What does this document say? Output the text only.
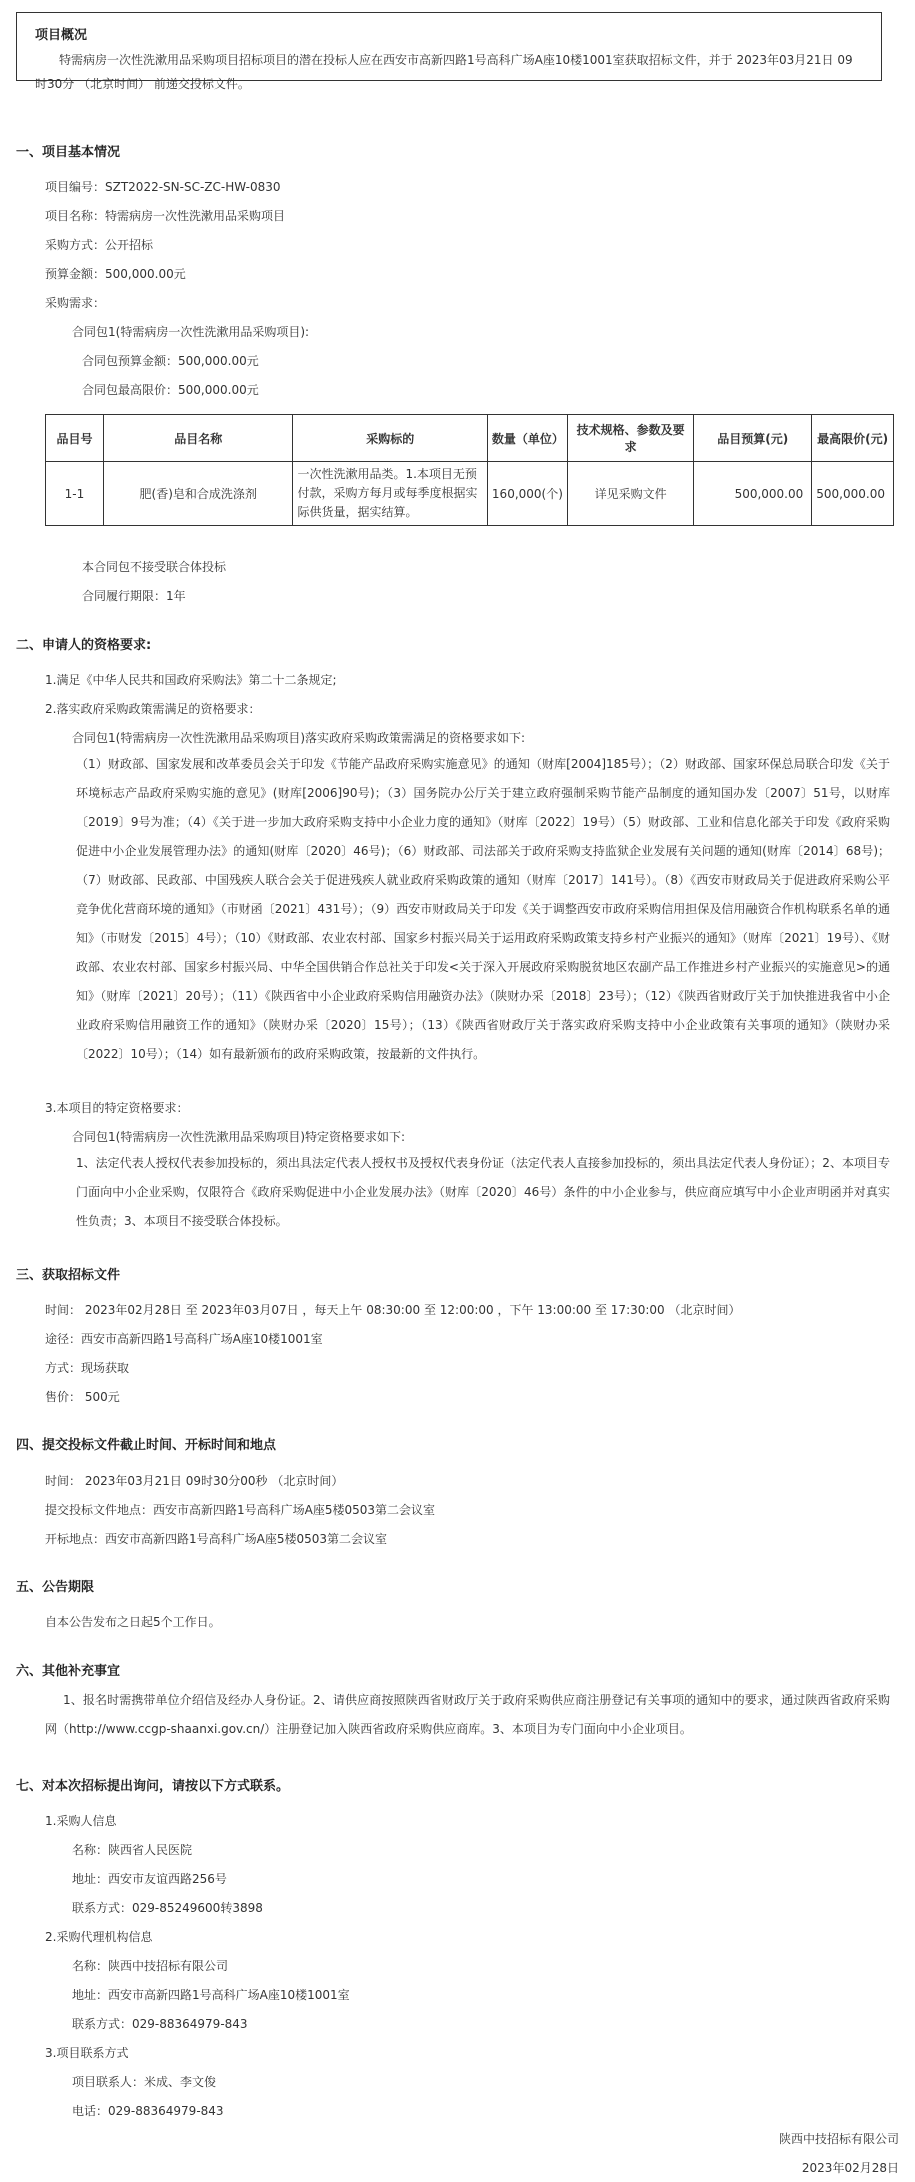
项目概况
特需病房一次性洗漱用品采购项目招标项目的潜在投标人应在西安市高新四路1号高科广场A座10楼1001室获取招标文件，并于 2023年03月21日 09时30分 （北京时间） 前递交投标文件。
一、项目基本情况
项目编号：SZT2022-SN-SC-ZC-HW-0830
项目名称：特需病房一次性洗漱用品采购项目
采购方式：公开招标
预算金额：500,000.00元
采购需求：
合同包1(特需病房一次性洗漱用品采购项目):
合同包预算金额：500,000.00元
合同包最高限价：500,000.00元
品目号	品目名称	采购标的	数量（单位）	技术规格、参数及要求	品目预算(元)	最高限价(元)
1-1	肥(香)皂和合成洗涤剂	一次性洗漱用品类。1.本项目无预付款，采购方每月或每季度根据实际供货量，据实结算。	160,000(个)	详见采购文件	500,000.00	500,000.00
本合同包不接受联合体投标
合同履行期限：1年
二、申请人的资格要求:
1.满足《中华人民共和国政府采购法》第二十二条规定;
2.落实政府采购政策需满足的资格要求：
合同包1(特需病房一次性洗漱用品采购项目)落实政府采购政策需满足的资格要求如下:
（1）财政部、国家发展和改革委员会关于印发《节能产品政府采购实施意见》的通知（财库[2004]185号）；（2）财政部、国家环保总局联合印发《关于环境标志产品政府采购实施的意见》(财库[2006]90号)；（3）国务院办公厅关于建立政府强制采购节能产品制度的通知国办发〔2007〕51号，以财库〔2019〕9号为准；（4）《关于进一步加大政府采购支持中小企业力度的通知》（财库〔2022〕19号）（5）财政部、工业和信息化部关于印发《政府采购促进中小企业发展管理办法》的通知(财库〔2020〕46号)；（6）财政部、司法部关于政府采购支持监狱企业发展有关问题的通知(财库〔2014〕68号)；（7）财政部、民政部、中国残疾人联合会关于促进残疾人就业政府采购政策的通知（财库〔2017〕141号）。（8）《西安市财政局关于促进政府采购公平竞争优化营商环境的通知》（市财函〔2021〕431号）；（9）西安市财政局关于印发《关于调整西安市政府采购信用担保及信用融资合作机构联系名单的通知》（市财发〔2015〕4号）；（10）《财政部、农业农村部、国家乡村振兴局关于运用政府采购政策支持乡村产业振兴的通知》（财库〔2021〕19号）、《财政部、农业农村部、国家乡村振兴局、中华全国供销合作总社关于印发<关于深入开展政府采购脱贫地区农副产品工作推进乡村产业振兴的实施意见>的通知》（财库〔2021〕20号）；（11）《陕西省中小企业政府采购信用融资办法》（陕财办采〔2018〕23号）；（12）《陕西省财政厅关于加快推进我省中小企业政府采购信用融资工作的通知》（陕财办采〔2020〕15号）；（13）《陕西省财政厅关于落实政府采购支持中小企业政策有关事项的通知》（陕财办采〔2022〕10号）；（14）如有最新颁布的政府采购政策，按最新的文件执行。
3.本项目的特定资格要求：
合同包1(特需病房一次性洗漱用品采购项目)特定资格要求如下:
1、法定代表人授权代表参加投标的，须出具法定代表人授权书及授权代表身份证（法定代表人直接参加投标的，须出具法定代表人身份证）；2、本项目专门面向中小企业采购，仅限符合《政府采购促进中小企业发展办法》（财库〔2020〕46号）条件的中小企业参与，供应商应填写中小企业声明函并对真实性负责；3、本项目不接受联合体投标。
三、获取招标文件
时间： 2023年02月28日 至 2023年03月07日 ，每天上午 08:30:00 至 12:00:00 ，下午 13:00:00 至 17:30:00 （北京时间）
途径：西安市高新四路1号高科广场A座10楼1001室
方式：现场获取
售价： 500元
四、提交投标文件截止时间、开标时间和地点
时间： 2023年03月21日 09时30分00秒 （北京时间）
提交投标文件地点：西安市高新四路1号高科广场A座5楼0503第二会议室
开标地点：西安市高新四路1号高科广场A座5楼0503第二会议室
五、公告期限
自本公告发布之日起5个工作日。
六、其他补充事宜
1、报名时需携带单位介绍信及经办人身份证。2、请供应商按照陕西省财政厅关于政府采购供应商注册登记有关事项的通知中的要求，通过陕西省政府采购网（http://www.ccgp-shaanxi.gov.cn/）注册登记加入陕西省政府采购供应商库。3、本项目为专门面向中小企业项目。
七、对本次招标提出询问，请按以下方式联系。
1.采购人信息
名称：陕西省人民医院
地址：西安市友谊西路256号
联系方式：029-85249600转3898
2.采购代理机构信息
名称：陕西中技招标有限公司
地址：西安市高新四路1号高科广场A座10楼1001室
联系方式：029-88364979-843
3.项目联系方式
项目联系人：米成、李文俊
电话：029-88364979-843
陕西中技招标有限公司
2023年02月28日
